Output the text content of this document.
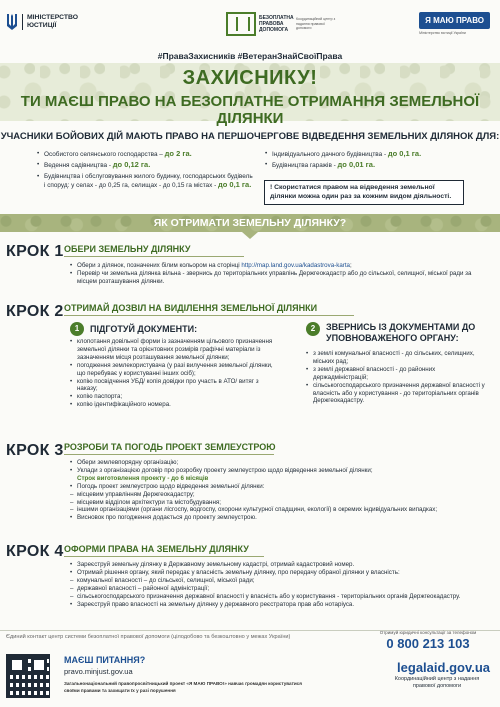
МІНІСТЕРСТВО
ЮСТИЦІЇ
БЕЗОПЛАТНА
ПРАВОВА
ДОПОМОГА
Координаційний центр з надання правової допомоги
Я МАЮ ПРАВО
Міністерство юстиції України
#ПраваЗахисників #ВетеранЗнайСвоїПрава
ЗАХИСНИКУ!
ТИ МАЄШ ПРАВО НА БЕЗОПЛАТНЕ ОТРИМАННЯ ЗЕМЕЛЬНОЇ ДІЛЯНКИ
УЧАСНИКИ БОЙОВИХ ДІЙ МАЮТЬ ПРАВО НА ПЕРШОЧЕРГОВЕ ВІДВЕДЕННЯ ЗЕМЕЛЬНИХ ДІЛЯНОК ДЛЯ:
• Особистого селянського господарства – до 2 га.
• Ведення садівництва - до 0,12 га.
• Будівництва і обслуговування жилого будинку, господарських будівель і споруд: у селах - до 0,25 га, селищах - до 0,15 га містах - до 0,1 га.
• Індивідуального дачного будівництва - до 0,1 га.
• Будівництва гаражів - до 0,01 га.
! Скористатися правом на відведення земельної ділянки можна один раз за кожним видом діяльності.
ЯК ОТРИМАТИ ЗЕМЕЛЬНУ ДІЛЯНКУ?
КРОК 1 ОБЕРИ ЗЕМЕЛЬНУ ДІЛЯНКУ
• Обери з ділянок, позначених білим кольором на сторінці http://map.land.gov.ua/kadastrova-karta;
• Перевір чи земельна ділянка вільна - звернись до територіальних управлінь Держгеокадастр або до сільської, селищної, міської ради за місцем розташування ділянки.
КРОК 2 ОТРИМАЙ ДОЗВІЛ НА ВИДІЛЕННЯ ЗЕМЕЛЬНОЇ ДІЛЯНКИ
1	ПІДГОТУЙ ДОКУМЕНТИ:
• клопотання довільної форми із зазначенням цільового призначення земельної ділянки та орієнтовних розмірів графічні матеріали із зазначенням місця розташування земельної ділянки;
• погодження землекористувача (у разі вилучення земельної ділянки, що перебуває у користуванні інших осіб);
• копію посвідчення УБД/ копія довідки про участь в АТО/ витяг з наказу;
• копію паспорта;
• копію ідентифікаційного номера.
2	ЗВЕРНИСЬ ІЗ ДОКУМЕНТАМИ ДО УПОВНОВАЖЕНОГО ОРГАНУ:
• з землі комунальної власності - до сільських, селищних, міських рад;
• з землі державної власності - до районних держадміністрацій;
• сільськогосподарського призначення державної власності у власність або у користування - до територіальних органів Держгеокадастру.
КРОК 3 РОЗРОБИ ТА ПОГОДЬ ПРОЕКТ ЗЕМЛЕУСТРОЮ
• Обери землевпорядну організацію;
• Уклади з організацією договір про розробку проекту землеустрою щодо відведення земельної ділянки;
Строк виготовлення проекту - до 6 місяців
• Погодь проект землеустрою щодо відведення земельної ділянки:
– місцевим управлінням Держгеокадастру;
– місцевим відділом архітектури та містобудування;
– іншими організаціями (органи лісгоспу, водгоспу, охорони культурної спадщини, екології) в окремих індивідуальних випадках;
• Висновок про погодження додається до проекту землеустрою.
КРОК 4 ОФОРМИ ПРАВА НА ЗЕМЕЛЬНУ ДІЛЯНКУ
• Зареєструй земельну ділянку в Державному земельному кадастрі, отримай кадастровий номер.
• Отримай рішення органу, який передає у власність земельну ділянку, про передачу обраної ділянки у власність:
– комунальної власності – до сільської, селищної, міської ради;
– державної власності – районної адміністрації;
– сільськогосподарського призначення державної власності у власність або у користування - територіальних органів Держгеокадастру.
• Зареєструй право власності на земельну ділянку у державного реєстратора прав або нотаріуса.
Єдиний контакт центр системи безоплатної правової допомоги (цілодобово та безкоштовно у межах України)
Отримуй юридичні консультації за телефоном
0 800 213 103
МАЄШ ПИТАННЯ?
pravo.minjust.gov.ua
Загальнонаціональний правопросвітницький проект «Я МАЮ ПРАВО!» навчає громадян користуватися своїми правами та захищати їх у разі порушення
legalaid.gov.ua
Координаційний центр з надання правової допомоги
